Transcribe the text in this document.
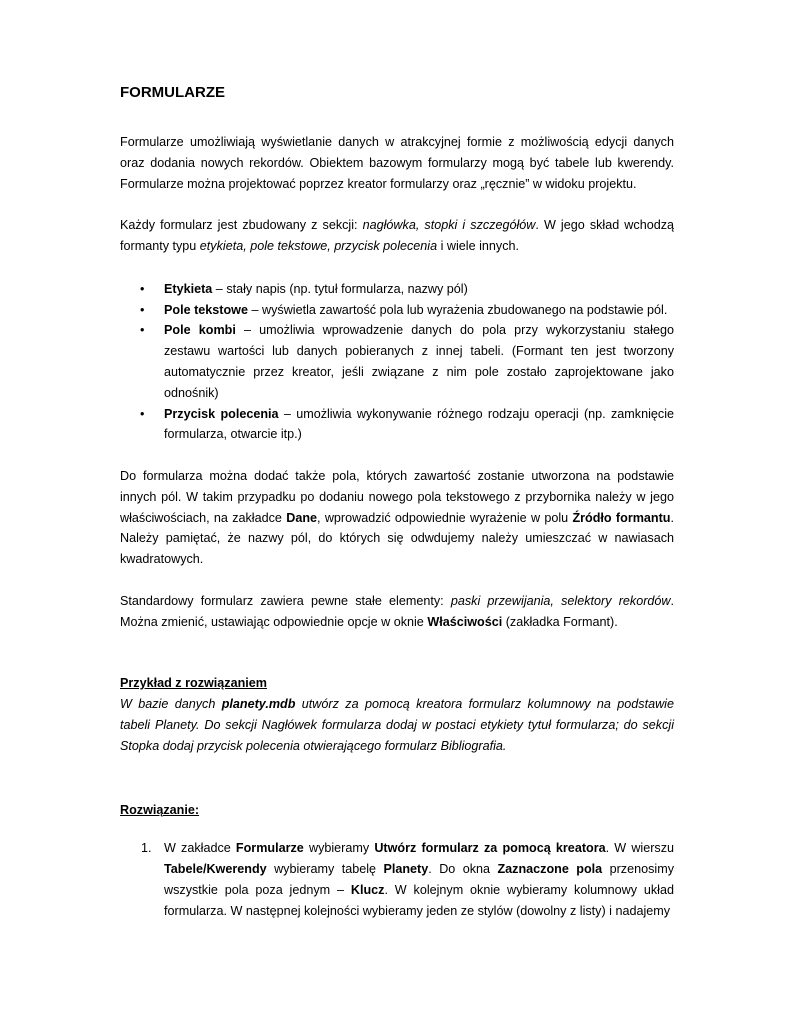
FORMULARZE

Formularze umożliwiają wyświetlanie danych w atrakcyjnej formie z możliwością edycji danych oraz dodania nowych rekordów. Obiektem bazowym formularzy mogą być tabele lub kwerendy. Formularze można projektować poprzez kreator formularzy oraz „ręcznie” w widoku projektu.

Każdy formularz jest zbudowany z sekcji: nagłówka, stopki i szczegółów. W jego skład wchodzą formanty typu etykieta, pole tekstowe, przycisk polecenia i wiele innych.

• Etykieta – stały napis (np. tytuł formularza, nazwy pól)
• Pole tekstowe – wyświetla zawartość pola lub wyrażenia zbudowanego na podstawie pól.
• Pole kombi – umożliwia wprowadzenie danych do pola przy wykorzystaniu stałego zestawu wartości lub danych pobieranych z innej tabeli. (Formant ten jest tworzony automatycznie przez kreator, jeśli związane z nim pole zostało zaprojektowane jako odnośnik)
• Przycisk polecenia – umożliwia wykonywanie różnego rodzaju operacji (np. zamknięcie formularza, otwarcie itp.)

Do formularza można dodać także pola, których zawartość zostanie utworzona na podstawie innych pól. W takim przypadku po dodaniu nowego pola tekstowego z przybornika należy w jego właściwościach, na zakładce Dane, wprowadzić odpowiednie wyrażenie w polu Źródło formantu. Należy pamiętać, że nazwy pól, do których się odwdujemy należy umieszczać w nawiasach kwadratowych.

Standardowy formularz zawiera pewne stałe elementy: paski przewijania, selektory rekordów. Można zmienić, ustawiając odpowiednie opcje w oknie Właściwości (zakładka Formant).

Przykład z rozwiązaniem

W bazie danych planety.mdb utwórz za pomocą kreatora formularz kolumnowy na podstawie tabeli Planety. Do sekcji Nagłówek formularza dodaj w postaci etykiety tytuł formularza; do sekcji Stopka dodaj przycisk polecenia otwierającego formularz Bibliografia.

Rozwiązanie:

1. W zakładce Formularze wybieramy Utwórz formularz za pomocą kreatora. W wierszu Tabele/Kwerendy wybieramy tabelę Planety. Do okna Zaznaczone pola przenosimy wszystkie pola poza jednym – Klucz. W kolejnym oknie wybieramy kolumnowy układ formularza. W następnej kolejności wybieramy jeden ze stylów (dowolny z listy) i nadajemy
